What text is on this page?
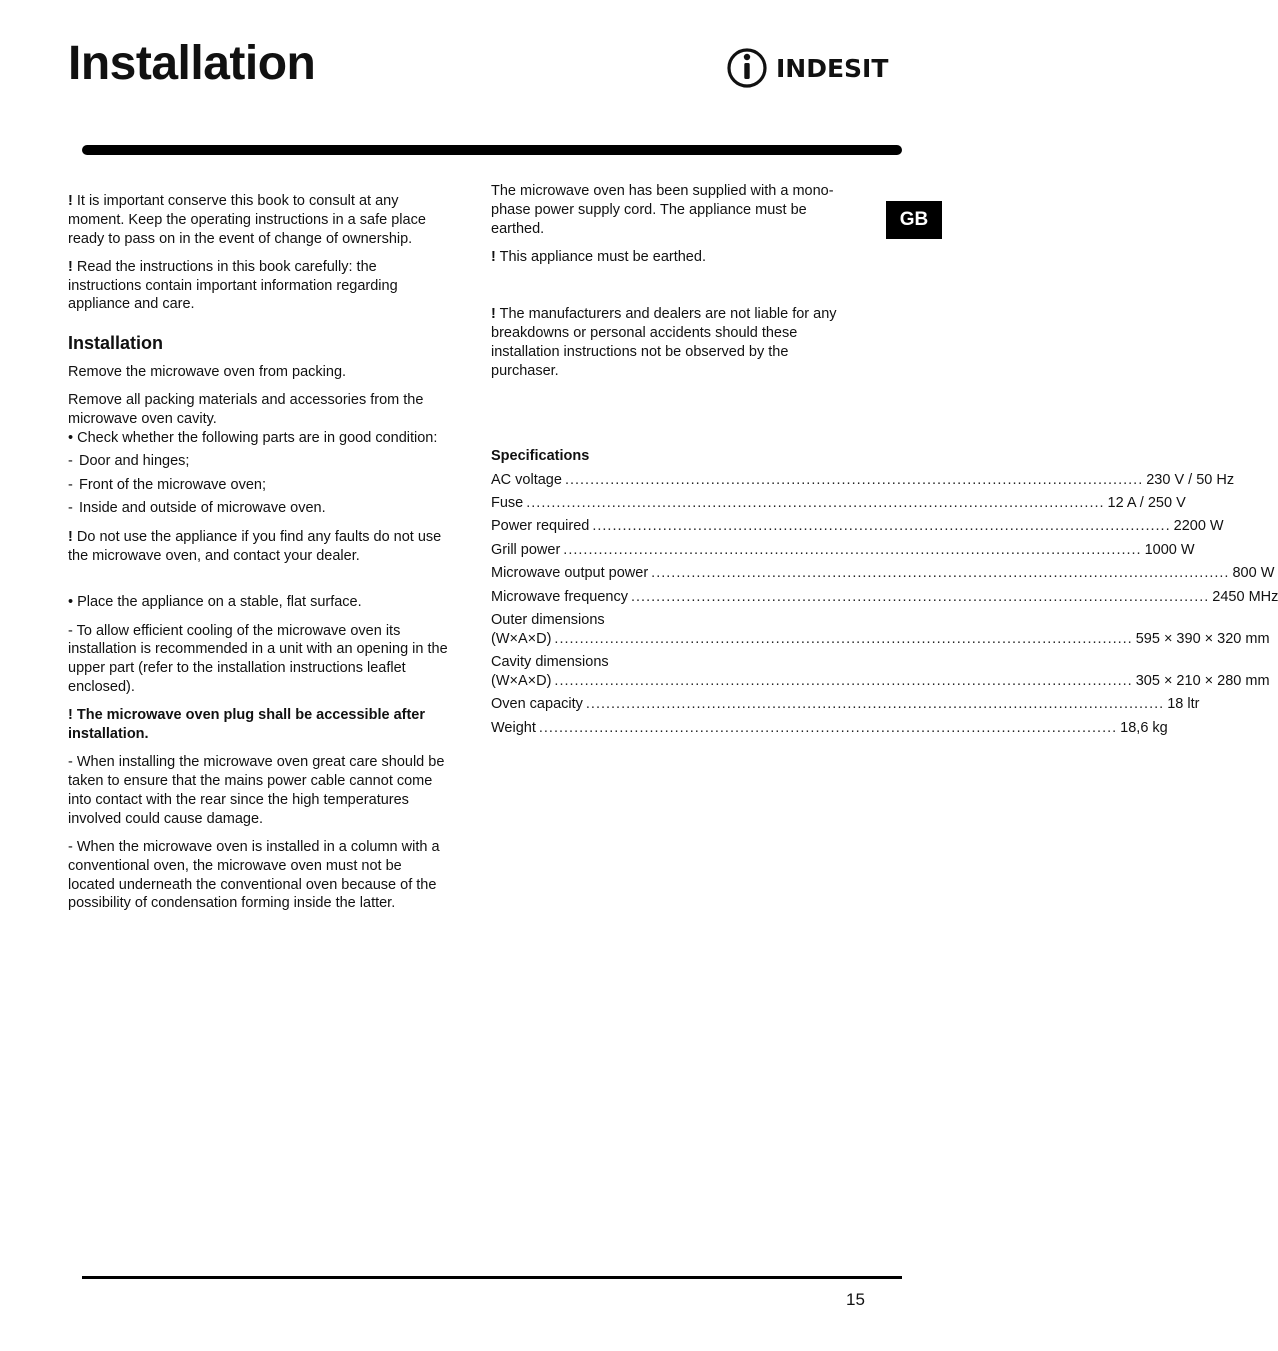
Installation	INDESIT
GB

! It is important conserve this book to consult at any moment. Keep the operating instructions in a safe place ready to pass on in the event of change of ownership.

! Read the instructions in this book carefully: the instructions contain important information regarding appliance and care.

Installation

Remove the microwave oven from packing.

Remove all packing materials and accessories from the microwave oven cavity.

• Check whether the following parts are in good condition:

- Door and hinges;
- Front of the microwave oven;
- Inside and outside of microwave oven.

! Do not use the appliance if you find any faults do not use the microwave oven, and contact your dealer.

• Place the appliance on a stable, flat surface.

- To allow efficient cooling of the microwave oven its installation is recommended in a unit with an opening in the upper part (refer to the installation instructions leaflet enclosed).

! The microwave oven plug shall be accessible after installation.

- When installing the microwave oven great care should be taken to ensure that the mains power cable cannot come into contact with the rear since the high temperatures involved could cause damage.

- When the microwave oven is installed in a column with a conventional oven, the microwave oven must not be located underneath the conventional oven because of the possibility of condensation forming inside the latter.

The microwave oven has been supplied with a mono-phase power supply cord. The appliance must be earthed.

! This appliance must be earthed.

! The manufacturers and dealers are not liable for any breakdowns or personal accidents should these installation instructions not be observed by the purchaser.

Specifications
AC voltage ................................................................................................................... 230 V / 50 Hz
Fuse ................................................................................................................... 12 A / 250 V
Power required ................................................................................................................... 2200 W
Grill power ................................................................................................................... 1000 W
Microwave output power ................................................................................................................... 800 W
Microwave frequency ................................................................................................................... 2450 MHz
Outer dimensions
(W×A×D) ................................................................................................................... 595 × 390 × 320 mm
Cavity dimensions
(W×A×D) ................................................................................................................... 305 × 210 × 280 mm
Oven capacity ................................................................................................................... 18 ltr
Weight ................................................................................................................... 18,6 kg
15
